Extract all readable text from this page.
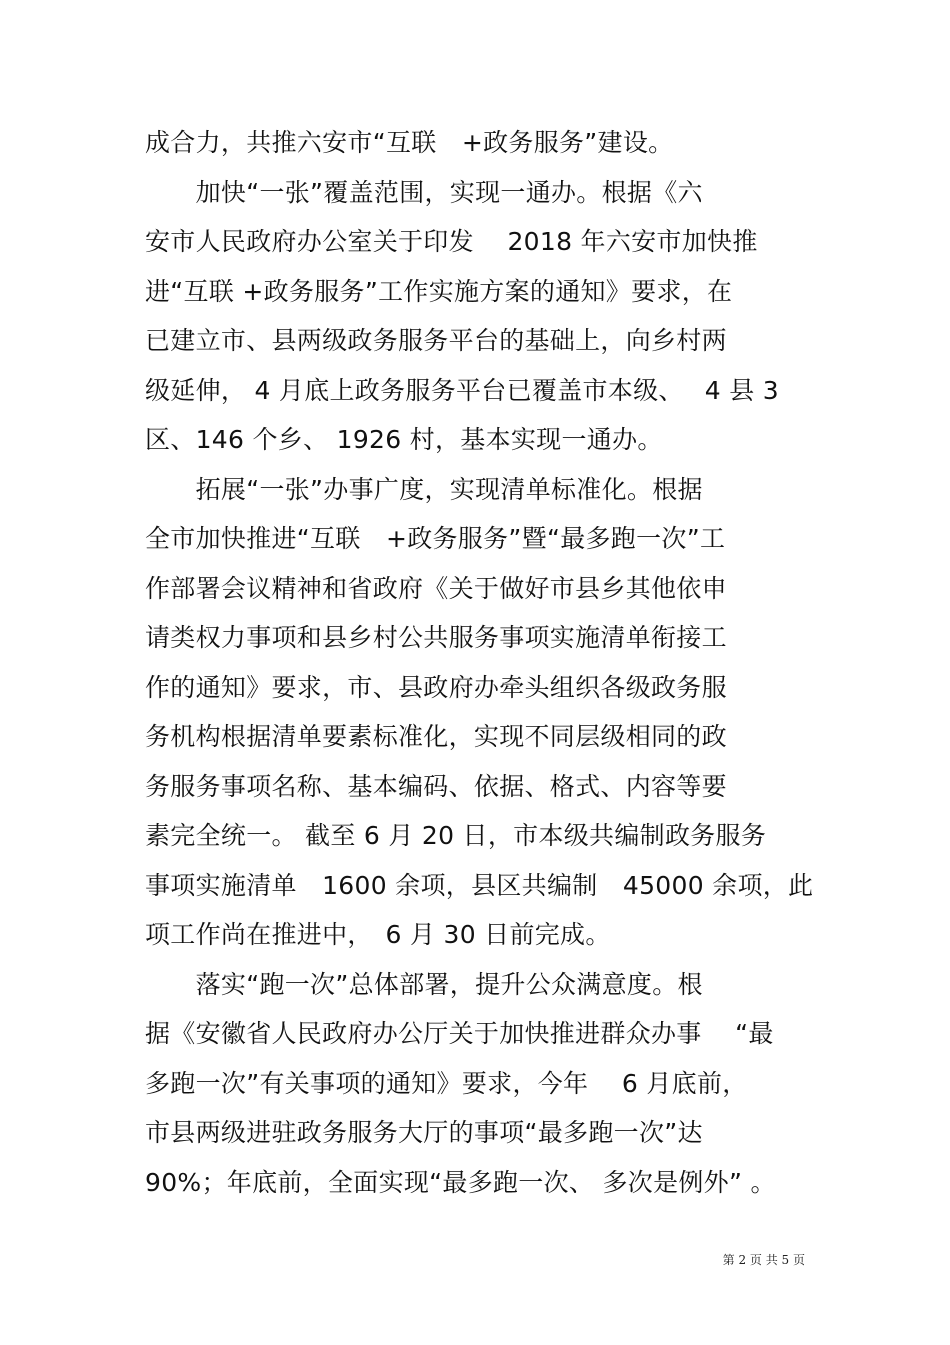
成合力，共推六安市“互联　+政务服务”建设。
　　加快“一张”覆盖范围，实现一通办。根据《六
安市人民政府办公室关于印发　 2018 年六安市加快推
进“互联 +政务服务”工作实施方案的通知》要求，在
已建立市、县两级政务服务平台的基础上，向乡村两
级延伸， 4 月底上政务服务平台已覆盖市本级、　 4 县 3
区、146 个乡、 1926 村，基本实现一通办。
　　拓展“一张”办事广度，实现清单标准化。根据
全市加快推进“互联　+政务服务”暨“最多跑一次”工
作部署会议精神和省政府《关于做好市县乡其他依申
请类权力事项和县乡村公共服务事项实施清单衔接工
作的通知》要求，市、县政府办牵头组织各级政务服
务机构根据清单要素标准化，实现不同层级相同的政
务服务事项名称、基本编码、依据、格式、内容等要
素完全统一。 截至 6 月 20 日，市本级共编制政务服务
事项实施清单　1600 余项，县区共编制　45000 余项，此
项工作尚在推进中，　6 月 30 日前完成。
　　落实“跑一次”总体部署，提升公众满意度。根
据《安徽省人民政府办公厅关于加快推进群众办事　 “最
多跑一次”有关事项的通知》要求，今年　 6 月底前，
市县两级进驻政务服务大厅的事项“最多跑一次”达
90%；年底前，全面实现“最多跑一次、 多次是例外” 。
第 2 页 共 5 页
